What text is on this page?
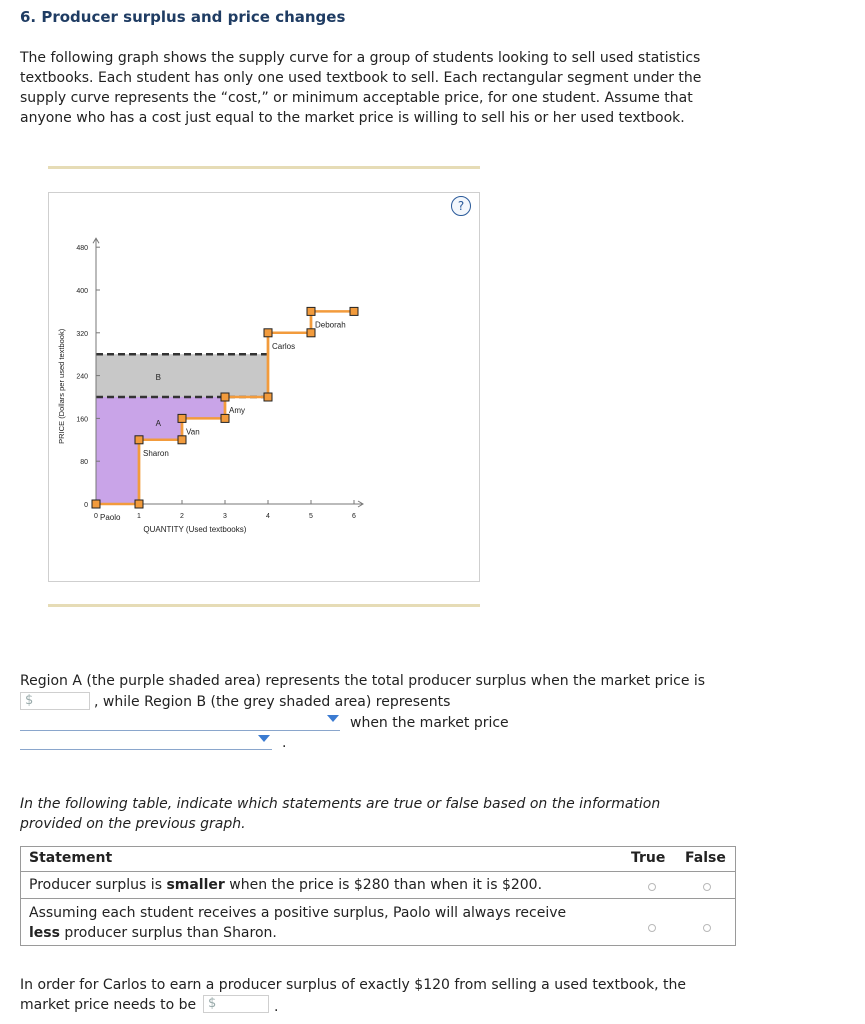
6. Producer surplus and price changes
The following graph shows the supply curve for a group of students looking to sell used statistics textbooks. Each student has only one used textbook to sell. Each rectangular segment under the supply curve represents the “cost,” or minimum acceptable price, for one student. Assume that anyone who has a cost just equal to the market price is willing to sell his or her used textbook.
?
0
80
160
240
320
400
480
0	1	2	3	4	5	6
QUANTITY (Used textbooks)
PRICE (Dollars per used textbook)
Paolo
Sharon
Van
Amy
Carlos
Deborah
B
A
Region A (the purple shaded area) represents the total producer surplus when the market price is
$	, while Region B (the grey shaded area) represents
when the market price
.
In the following table, indicate which statements are true or false based on the information provided on the previous graph.
Statement	True False
Producer surplus is smaller when the price is $280 than when it is $200.
Assuming each student receives a positive surplus, Paolo will always receive less producer surplus than Sharon.
In order for Carlos to earn a producer surplus of exactly $120 from selling a used textbook, the market price needs to be $	.
